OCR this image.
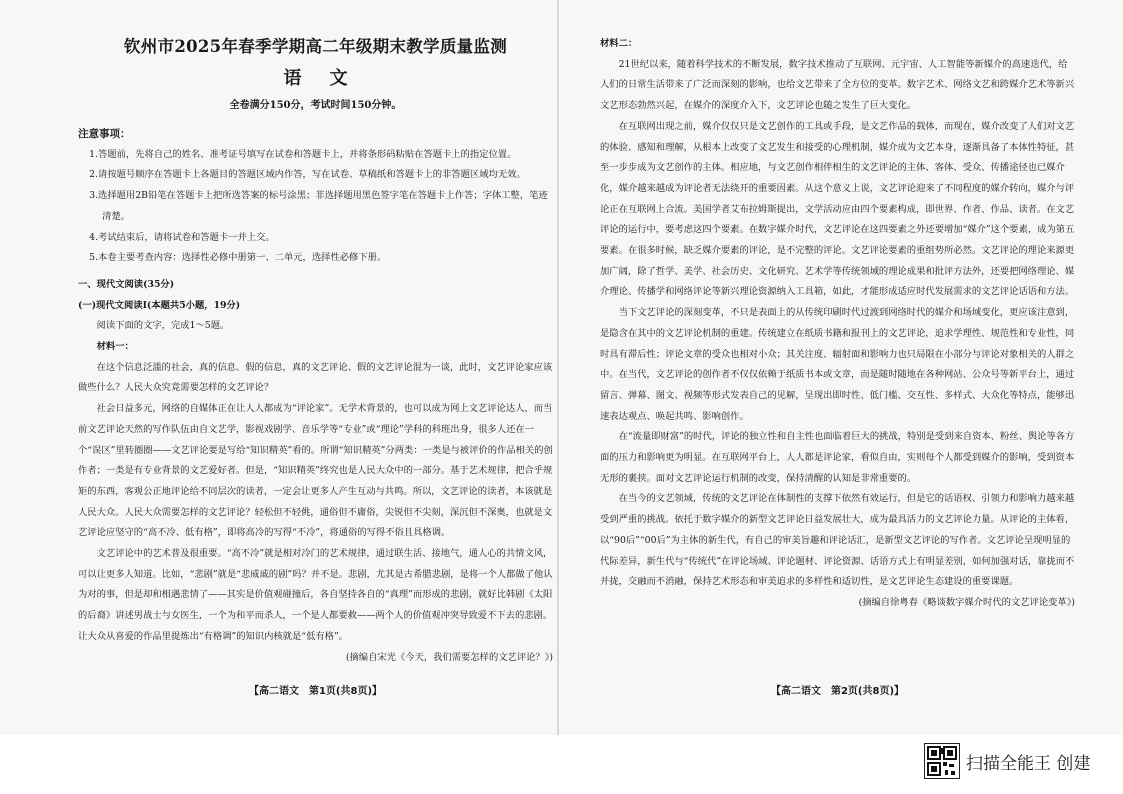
钦州市2025年春季学期高二年级期末教学质量监测
语文
全卷满分150分，考试时间150分钟。

注意事项：

1.答题前，先将自己的姓名、准考证号填写在试卷和答题卡上，并将条形码粘贴在答题卡上的指定位置。

2.请按题号顺序在答题卡上各题目的答题区域内作答，写在试卷、草稿纸和答题卡上的非答题区域均无效。

3.选择题用2B铅笔在答题卡上把所选答案的标号涂黑；非选择题用黑色签字笔在答题卡上作答；字体工整，笔迹清楚。

4.考试结束后，请将试卷和答题卡一并上交。

5.本卷主要考查内容：选择性必修中册第一、二单元，选择性必修下册。

一、现代文阅读(35分)

(一)现代文阅读Ⅰ(本题共5小题，19分)

阅读下面的文字，完成1～5题。

材料一：

在这个信息泛滥的社会，真的信息、假的信息，真的文艺评论、假的文艺评论混为一谈，此时，文艺评论家应该做些什么？人民大众究竟需要怎样的文艺评论？

社会日益多元，网络的自媒体正在让人人都成为“评论家”。无学术背景的，也可以成为网上文艺评论达人，而当前文艺评论天然的写作队伍由自文艺学，影视戏剧学、音乐学等“专业”或“理论”学科的科班出身，很多人还在一个“误区”里转圈圈——文艺评论要是写给“知识精英”看的。所谓“知识精英”分两类：一类是与被评价的作品相关的创作者；一类是有专业背景的文艺爱好者。但是，“知识精英”终究也是人民大众中的一部分。基于艺术规律，把合乎规矩的东西，客观公正地评论给不同层次的读者，一定会让更多人产生互动与共鸣。所以，文艺评论的读者，本该就是人民大众。人民大众需要怎样的文艺评论？轻松但不轻佻，通俗但不庸俗，尖锐但不尖刻，深沉但不深奥，也就是文艺评论应坚守的“高不冷、低有格”，即将高冷的写得“不冷”，将通俗的写得不俗且具格调。

文艺评论中的艺术普及很重要。“高不冷”就是相对冷门的艺术规律，通过联生活、接地气，通人心的共情文风，可以让更多人知道。比如，“悲剧”就是“悲威戚的剧”吗？并不是。悲剧，尤其是古希腊悲剧，是将一个人都做了他认为对的事，但是却和相遇悲情了——其实是价值观碰撞后，各自坚持各自的“真理”而形成的悲剧，就好比韩剧《太阳的后裔》讲述男战士与女医生，一个为和平而杀人，一个是人都要救——两个人的价值观冲突导致爱不下去的悲剧。让大众从喜爱的作品里提炼出“有格调”的知识内核就是“低有格”。

(摘编自宋光《今天，我们需要怎样的文艺评论？》)

【高二语文　第1页(共8页)】

材料二：

21世纪以来，随着科学技术的不断发展，数字技术推动了互联网、元宇宙、人工智能等新媒介的高速迭代，给人们的日常生活带来了广泛而深刻的影响，也给文艺带来了全方位的变革。数字艺术、网络文艺和跨媒介艺术等新兴文艺形态勃然兴起，在媒介的深度介入下，文艺评论也随之发生了巨大变化。

在互联网出现之前，媒介仅仅只是文艺创作的工具或手段，是文艺作品的载体，而现在，媒介改变了人们对文艺的体验、感知和理解，从根本上改变了文艺发生和接受的心理机制，媒介成为文艺本身，逐渐具备了本体性特征，甚至一步步成为文艺创作的主体。相应地，与文艺创作相伴相生的文艺评论的主体、客体、受众、传播途径也已媒介化，媒介越来越成为评论者无法绕开的重要因素。从这个意义上说，文艺评论迎来了不同程度的媒介转向，媒介与评论正在互联网上合流。美国学者艾布拉姆斯提出，文学活动应由四个要素构成，即世界、作者、作品、读者。在文艺评论的运行中，要考虑这四个要素。在数字媒介时代，文艺评论在这四要素之外还要增加“媒介”这个要素，成为第五要素。在很多时候，缺乏媒介要素的评论，是不完整的评论。文艺评论要素的重组势所必然。文艺评论的理论来源更加广阔，除了哲学、美学、社会历史、文化研究、艺术学等传统领域的理论成果和批评方法外，还要把网络理论、媒介理论、传播学和网络评论等新兴理论资源纳入工具箱，如此，才能形成适应时代发展需求的文艺评论话语和方法。

当下文艺评论的深刻变革，不只是表面上的从传统印刷时代过渡到网络时代的媒介和场域变化，更应该注意到，是隐含在其中的文艺评论机制的重建。传统建立在纸质书籍和报刊上的文艺评论，追求学理性、规范性和专业性，同时具有滞后性；评论文章的受众也相对小众；其关注度、辐射面和影响力也只局限在小部分与评论对象相关的人群之中。在当代，文艺评论的创作者不仅仅依赖于纸质书本或文章，而是随时随地在各种网站、公众号等新平台上，通过留言、弹幕、图文、视频等形式发表自己的见解，呈现出即时性、低门槛、交互性、多样式、大众化等特点，能够迅速表达观点、唤起共鸣、影响创作。

在“流量即财富”的时代，评论的独立性和自主性也面临着巨大的挑战，特别是受到来自资本、粉丝、舆论等各方面的压力和影响更为明显。在互联网平台上，人人都是评论家，看似自由，实则每个人都受到媒介的影响，受到资本无形的裹挟。面对文艺评论运行机制的改变，保持清醒的认知是非常重要的。

在当今的文艺领域，传统的文艺评论在体制性的支撑下依然有效运行，但是它的话语权、引领力和影响力越来越受到严重的挑战。依托于数字媒介的新型文艺评论日益发展壮大，成为最具活力的文艺评论力量。从评论的主体看，以“90后”“00后”为主体的新生代，有自己的审美旨趣和评论话汇，是新型文艺评论的写作者。文艺评论呈现明显的代际差异，新生代与“传统代”在评论场域、评论题材、评论资源、话语方式上有明显差别，如何加强对话，靠拢而不并拢，交融而不消融，保持艺术形态和审美追求的多样性和适切性，是文艺评论生态建设的重要课题。

(摘编自徐粤春《略谈数字媒介时代的文艺评论变革》)

【高二语文　第2页(共8页)】
扫描全能王 创建
